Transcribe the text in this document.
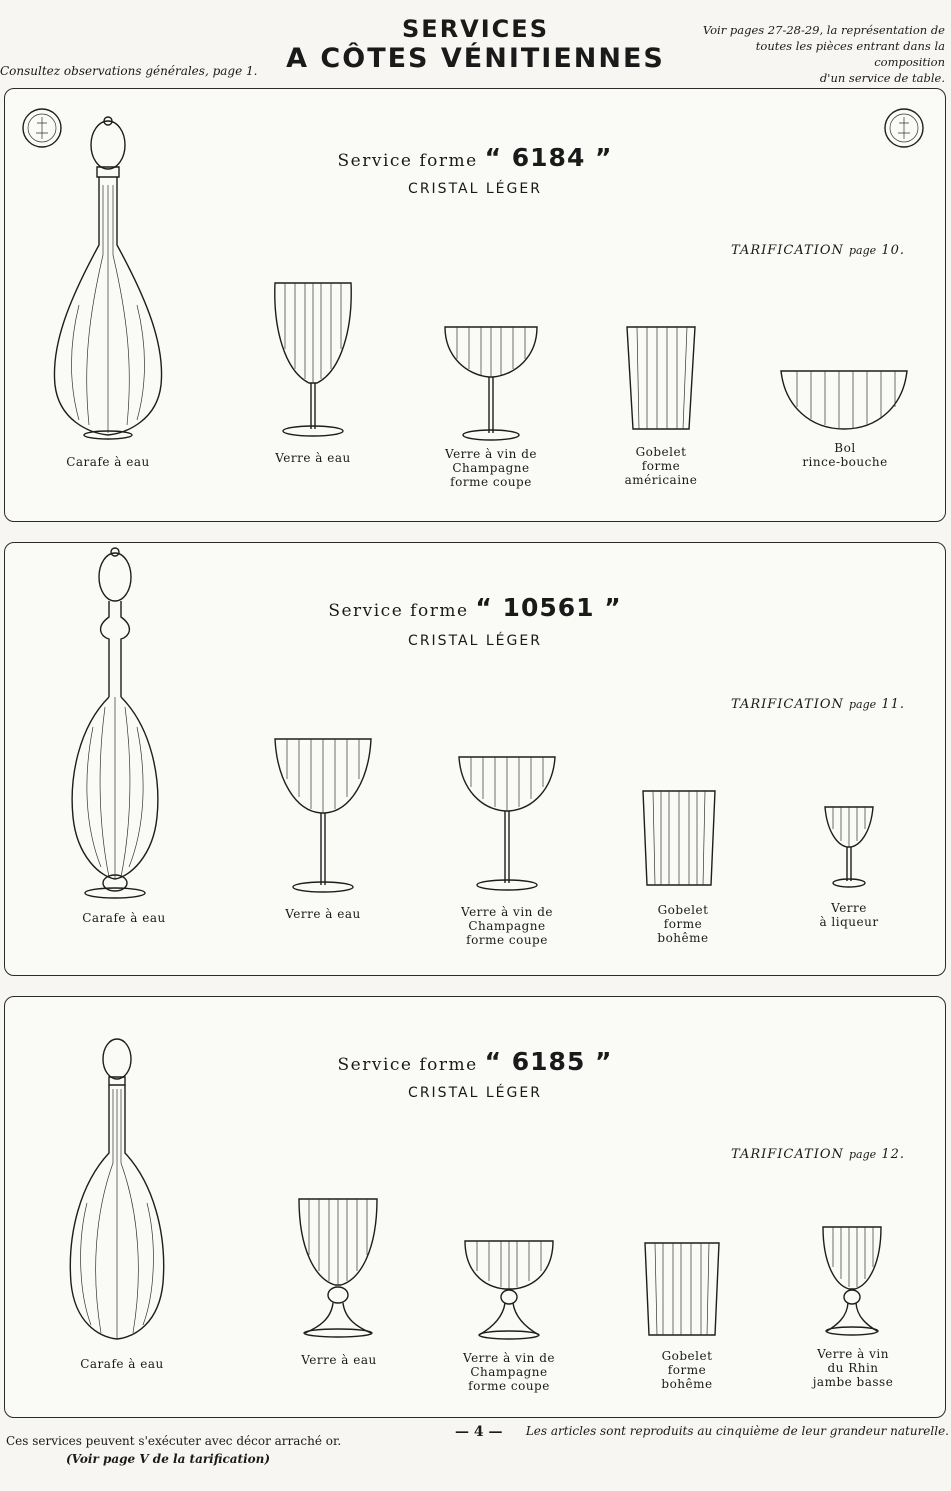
SERVICES
A CÔTES VÉNITIENNES
Consultez observations générales, page 1.
Voir pages 27-28-29, la représentation de
toutes les pièces entrant dans la composition
d'un service de table.
Service forme “ 6184 ”
CRISTAL LÉGER
TARIFICATION page 10.
Carafe à eau	Verre à eau	Verre à vin de
Champagne
forme coupe
Gobelet
forme
américaine
Bol
rince-bouche
Service forme “ 10561 ”
CRISTAL LÉGER
TARIFICATION page 11.
Carafe à eau	Verre à eau	Verre à vin de
Champagne
forme coupe
Gobelet
forme
bohême
Verre
à liqueur
Service forme “ 6185 ”
CRISTAL LÉGER
TARIFICATION page 12.
Carafe à eau	Verre à eau	Verre à vin de
Champagne
forme coupe
Gobelet
forme
bohême
Verre à vin
du Rhin
jambe basse
Ces services peuvent s'exécuter avec décor arraché or.
(Voir page V de la tarification)
— 4 — Les articles sont reproduits au cinquième de leur grandeur naturelle.
